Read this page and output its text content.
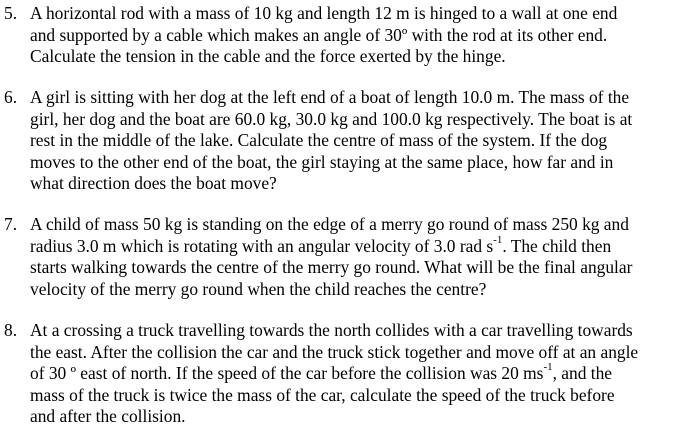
5. A horizontal rod with a mass of 10 kg and length 12 m is hinged to a wall at one end
and supported by a cable which makes an angle of 30º with the rod at its other end.
Calculate the tension in the cable and the force exerted by the hinge.
6. A girl is sitting with her dog at the left end of a boat of length 10.0 m. The mass of the
girl, her dog and the boat are 60.0 kg, 30.0 kg and 100.0 kg respectively. The boat is at
rest in the middle of the lake. Calculate the centre of mass of the system. If the dog
moves to the other end of the boat, the girl staying at the same place, how far and in
what direction does the boat move?
7. A child of mass 50 kg is standing on the edge of a merry go round of mass 250 kg and
radius 3.0 m which is rotating with an angular velocity of 3.0 rad $s^{-1}$. The child then
starts walking towards the centre of the merry go round. What will be the final angular
velocity of the merry go round when the child reaches the centre?
8. At a crossing a truck travelling towards the north collides with a car travelling towards
the east. After the collision the car and the truck stick together and move off at an angle
of 30 º east of north. If the speed of the car before the collision was 20 $ms^{-1}$, and the
mass of the truck is twice the mass of the car, calculate the speed of the truck before
and after the collision.
